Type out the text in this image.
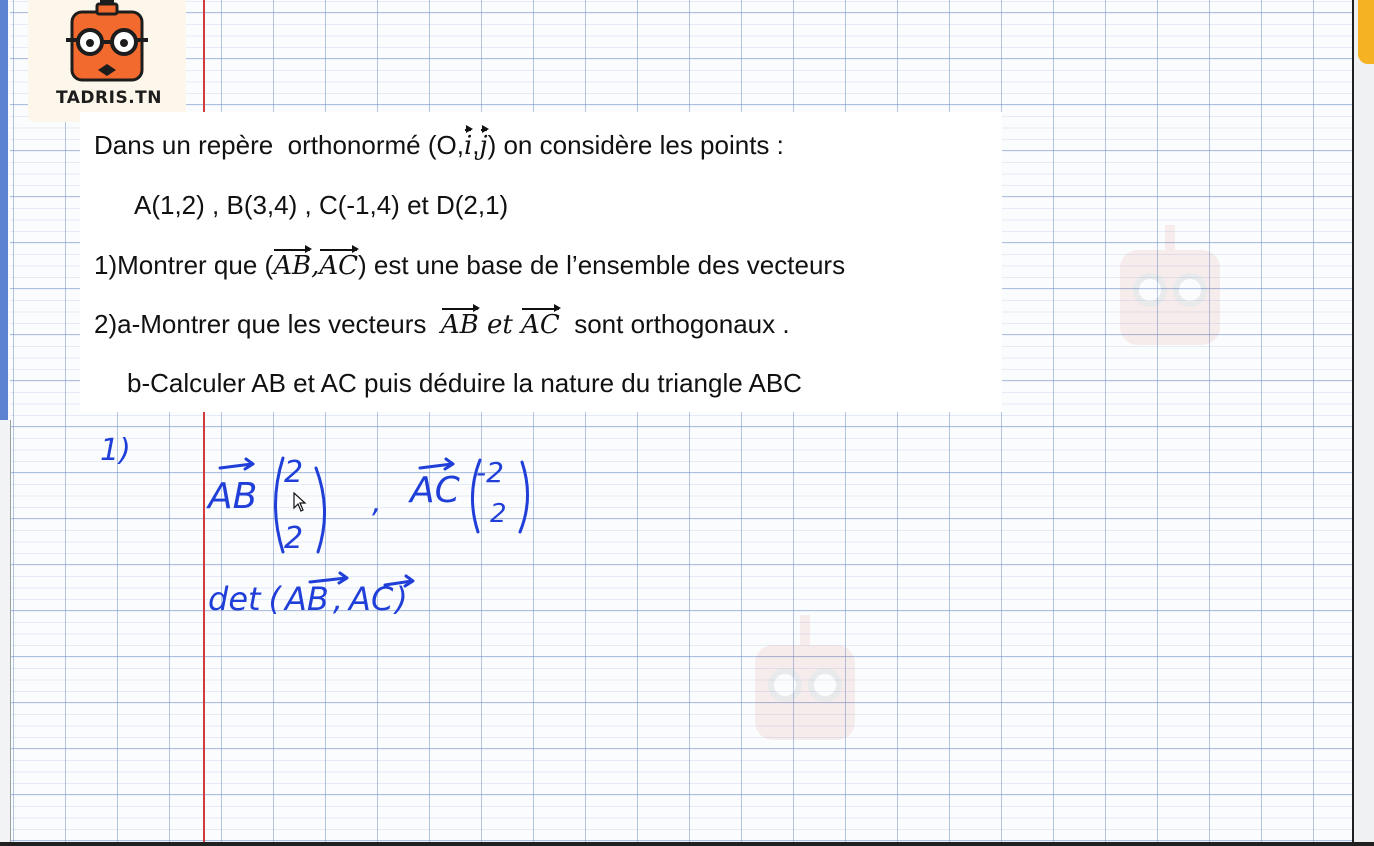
TADRIS.TN
Dans un repère  orthonormé (O,i,j) on considère les points :
A(1,2) , B(3,4) , C(-1,4) et D(2,1)
1)Montrer que (AB,AC) est une base de l’ensemble des vecteurs
2)a-Montrer que les vecteurs  AB et AC  sont orthogonaux .
b-Calculer AB et AC puis déduire la nature du triangle ABC
1)
AB
2
2
, AC -2
2
det ( AB , AC)
